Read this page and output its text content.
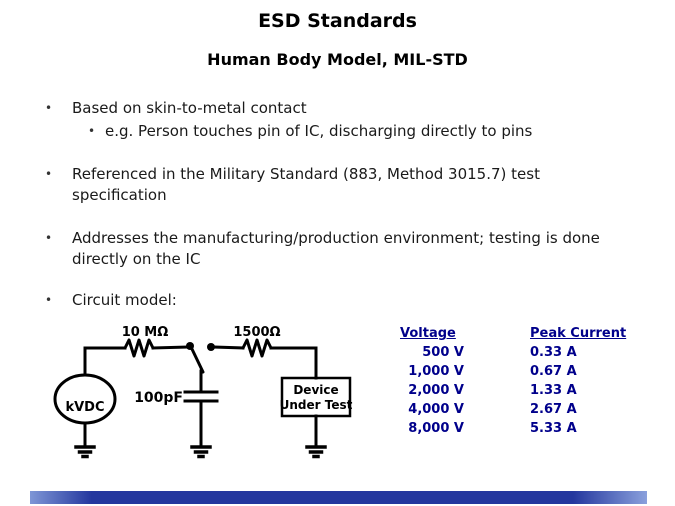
ESD Standards
Human Body Model, MIL-STD
•	Based on skin-to-metal contact
• e.g. Person touches pin of IC, discharging directly to pins
•	Referenced in the Military Standard (883, Method 3015.7) test specification
•	Addresses the manufacturing/production environment; testing is done directly on the IC
•	Circuit model:
kVDC
10 MΩ
100pF
1500Ω
Device
Under Test
Voltage	Peak Current
500 V	0.33 A
1,000 V	0.67 A
2,000 V	1.33 A
4,000 V	2.67 A
8,000 V	5.33 A
